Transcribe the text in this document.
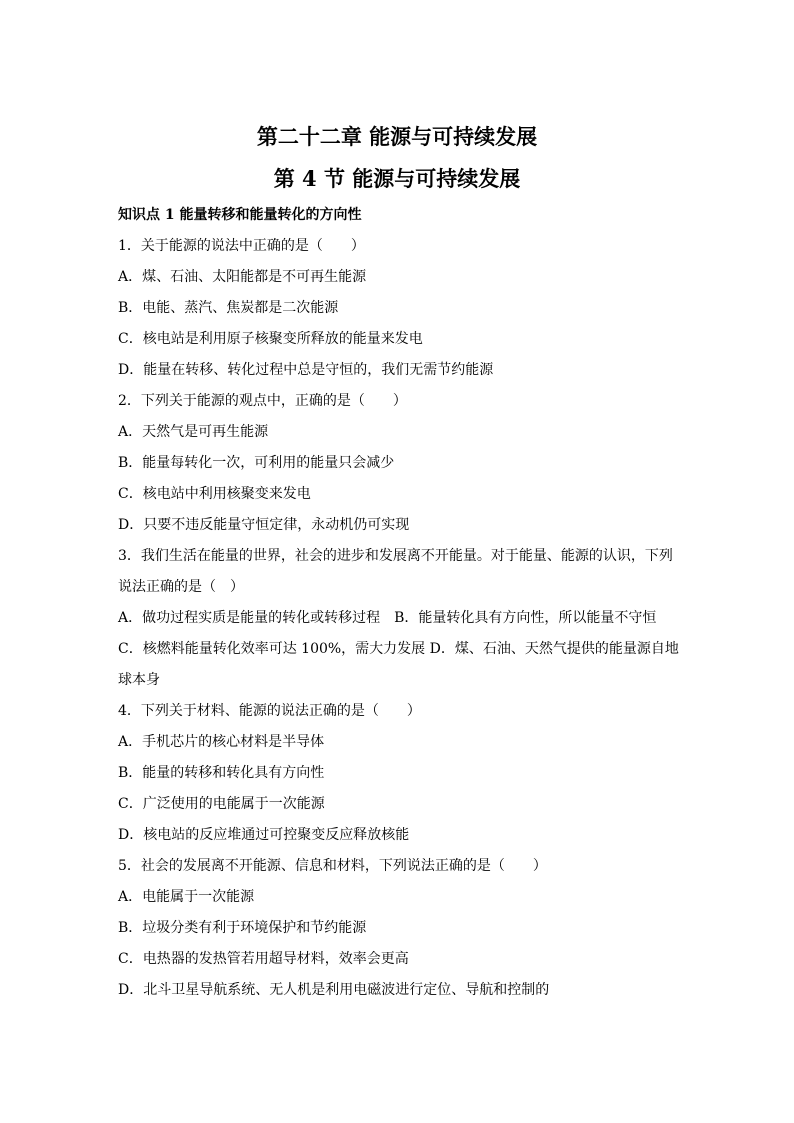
第二十二章 能源与可持续发展
第 4 节 能源与可持续发展
知识点 1 能量转移和能量转化的方向性
1．关于能源的说法中正确的是（　　）
A．煤、石油、太阳能都是不可再生能源
B．电能、蒸汽、焦炭都是二次能源
C．核电站是利用原子核聚变所释放的能量来发电
D．能量在转移、转化过程中总是守恒的，我们无需节约能源
2．下列关于能源的观点中，正确的是（　　）
A．天然气是可再生能源
B．能量每转化一次，可利用的能量只会减少
C．核电站中利用核聚变来发电
D．只要不违反能量守恒定律，永动机仍可实现
3．我们生活在能量的世界，社会的进步和发展离不开能量。对于能量、能源的认识，下列
说法正确的是（　）
A．做功过程实质是能量的转化或转移过程　B．能量转化具有方向性，所以能量不守恒
C．核燃料能量转化效率可达 100%，需大力发展 D．煤、石油、天然气提供的能量源自地
球本身
4．下列关于材料、能源的说法正确的是（　　）
A．手机芯片的核心材料是半导体
B．能量的转移和转化具有方向性
C．广泛使用的电能属于一次能源
D．核电站的反应堆通过可控聚变反应释放核能
5．社会的发展离不开能源、信息和材料，下列说法正确的是（　　）
A．电能属于一次能源
B．垃圾分类有利于环境保护和节约能源
C．电热器的发热管若用超导材料，效率会更高
D．北斗卫星导航系统、无人机是利用电磁波进行定位、导航和控制的
